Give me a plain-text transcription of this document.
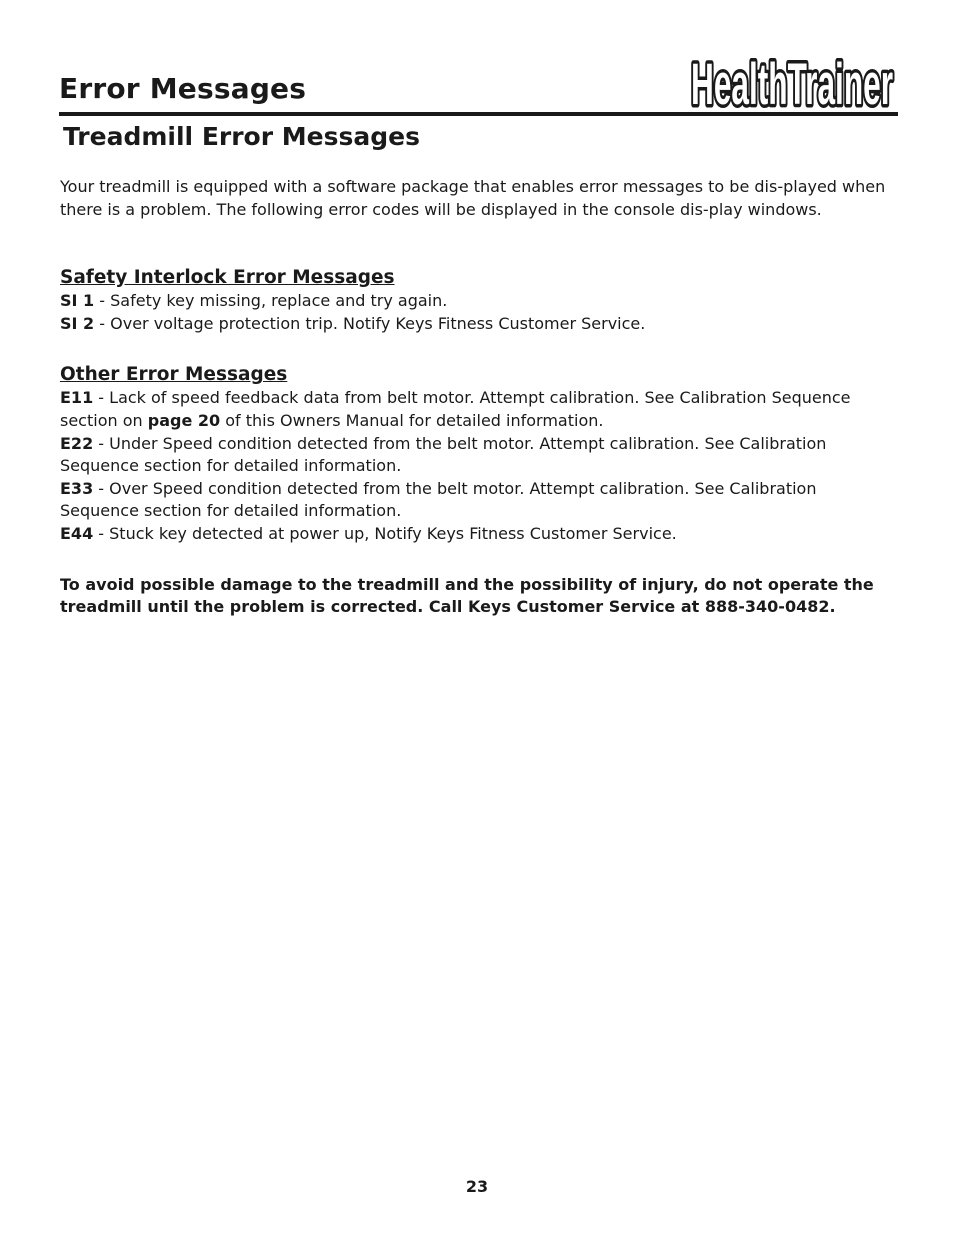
Error Messages	HealthTrainer
HealthTrainer
Treadmill Error Messages

Your treadmill is equipped with a software package that enables error messages to be dis-played when there is a problem. The following error codes will be displayed in the console dis-play windows.

Safety Interlock Error Messages

SI 1 - Safety key missing, replace and try again.

SI 2 - Over voltage protection trip. Notify Keys Fitness Customer Service.

Other Error Messages

E11 - Lack of speed feedback data from belt motor. Attempt calibration. See Calibration Sequence section on page 20 of this Owners Manual for detailed information.

E22 - Under Speed condition detected from the belt motor. Attempt calibration. See Calibration Sequence section for detailed information.

E33 - Over Speed condition detected from the belt motor. Attempt calibration. See Calibration Sequence section for detailed information.

E44 - Stuck key detected at power up, Notify Keys Fitness Customer Service.

To avoid possible damage to the treadmill and the possibility of injury, do not operate the treadmill until the problem is corrected. Call Keys Customer Service at 888-340-0482.

23
